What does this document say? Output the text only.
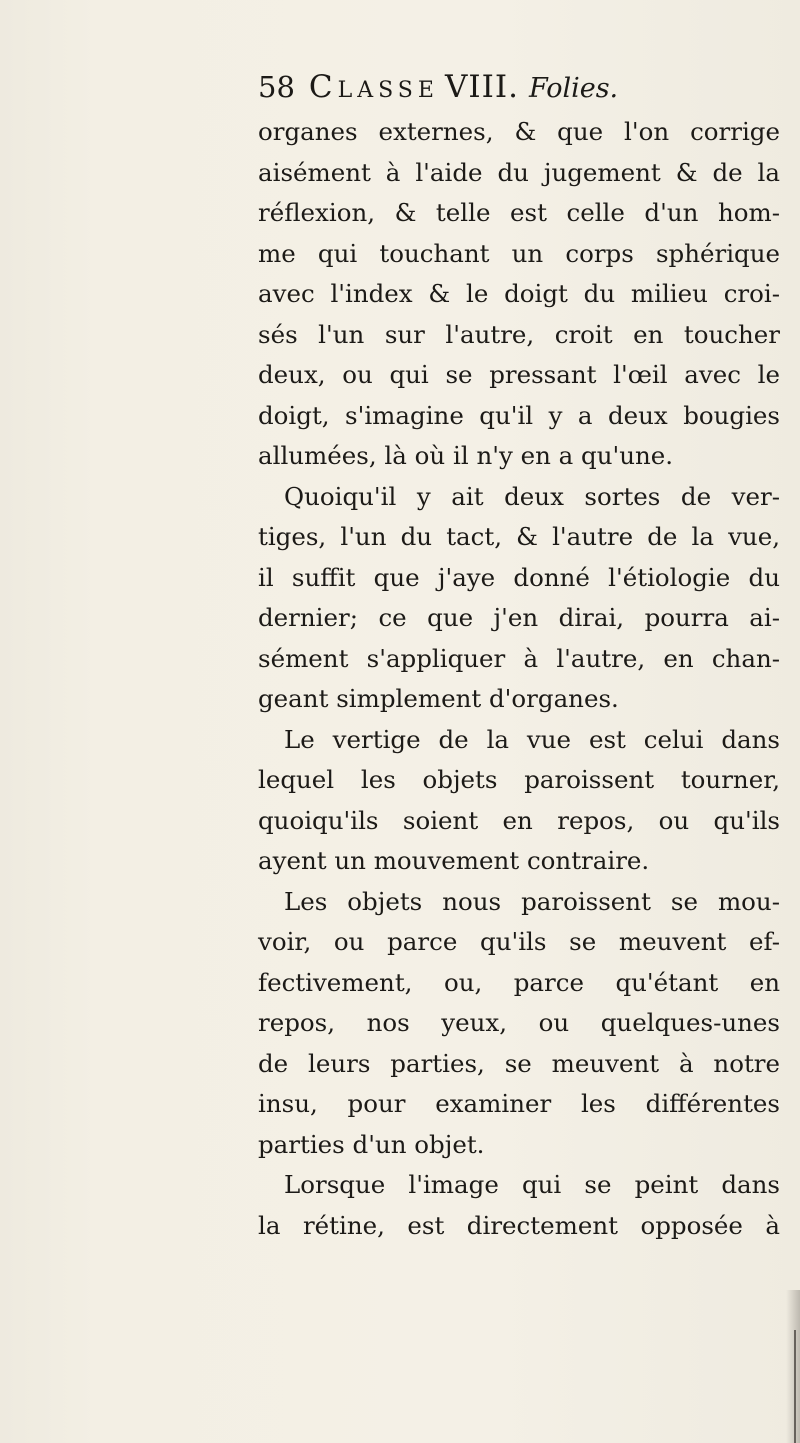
58 Classe VIII. Folies.
organes externes, & que l'on corrige
aisément à l'aide du jugement & de la
réflexion, & telle est celle d'un hom-
me qui touchant un corps sphérique
avec l'index & le doigt du milieu croi-
sés l'un sur l'autre, croit en toucher
deux, ou qui se pressant l'œil avec le
doigt, s'imagine qu'il y a deux bougies
allumées, là où il n'y en a qu'une.
Quoiqu'il y ait deux sortes de ver-
tiges, l'un du tact, & l'autre de la vue,
il suffit que j'aye donné l'étiologie du
dernier; ce que j'en dirai, pourra ai-
sément s'appliquer à l'autre, en chan-
geant simplement d'organes.
Le vertige de la vue est celui dans
lequel les objets paroissent tourner,
quoiqu'ils soient en repos, ou qu'ils
ayent un mouvement contraire.
Les objets nous paroissent se mou-
voir, ou parce qu'ils se meuvent ef-
fectivement, ou, parce qu'étant en
repos, nos yeux, ou quelques-unes
de leurs parties, se meuvent à notre
insu, pour examiner les différentes
parties d'un objet.
Lorsque l'image qui se peint dans
la rétine, est directement opposée à
